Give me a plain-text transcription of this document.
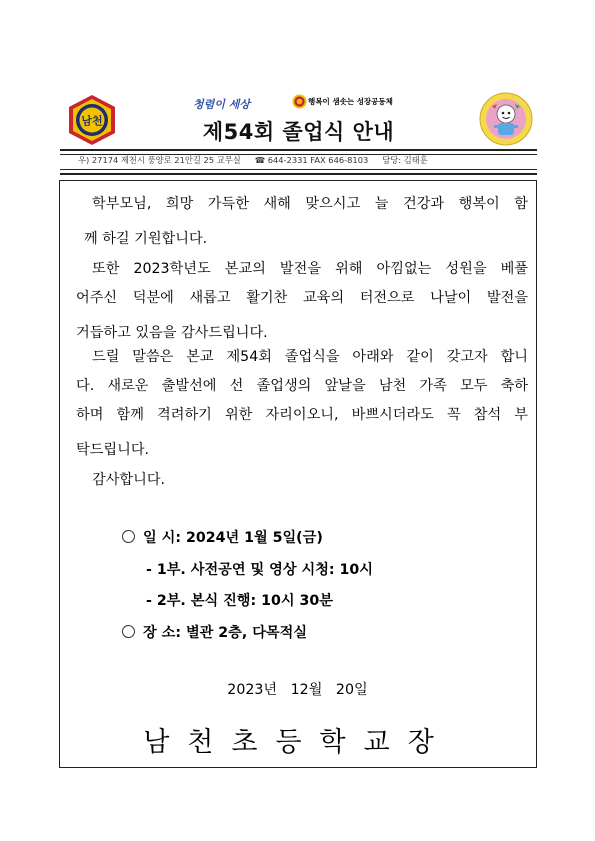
남천
청렴이 세상	행복이 샘솟는 성장공동체
제54회 졸업식 안내
우) 27174 제천시 풍양로 21안길 25 교무실 ☎ 644-2331 FAX 646-8103 담당: 김태훈
학부모님, 희망 가득한 새해 맞으시고 늘 건강과 행복이 함
께 하길 기원합니다.
또한 2023학년도 본교의 발전을 위해 아낌없는 성원을 베풀
어주신 덕분에 새롭고 활기찬 교육의 터전으로 나날이 발전을
거듭하고 있음을 감사드립니다.
드릴 말씀은 본교 제54회 졸업식을 아래와 같이 갖고자 합니
다. 새로운 출발선에 선 졸업생의 앞날을 남천 가족 모두 축하
하며 함께 격려하기 위한 자리이오니, 바쁘시더라도 꼭 참석 부
탁드립니다.
감사합니다.
일 시: 2024년 1월 5일(금)
- 1부. 사전공연 및 영상 시청: 10시
- 2부. 본식 진행: 10시 30분
장 소: 별관 2층, 다목적실
2023년   12월   20일
남천초등학교장
